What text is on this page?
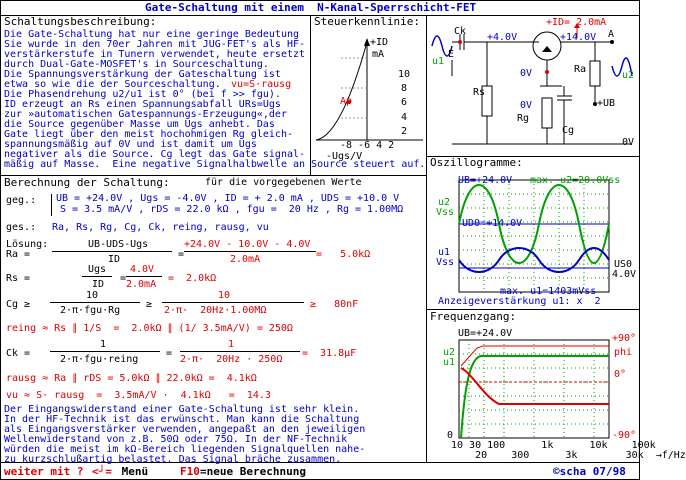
Gate-Schaltung mit einem  N-Kanal-Sperrschicht-FET
Schaltungsbeschreibung:
Die Gate-Schaltung hat nur eine geringe Bedeutung
Sie wurde in den 70er Jahren mit JUG-FET's als HF-
verstärkerstufe in Tunern verwendet, heute ersetzt
durch Dual-Gate-MOSFET's in Sourceschaltung.
Die Spannungsverstärkung der Gateschaltung ist
etwa so wie die der Sourceschaltung. vu=S·rausg
Die Phasendrehung u2/u1 ist 0° (bei f >> fgu).
ID erzeugt an Rs einen Spannungsabfall URs=Ugs
zur »automatischen Gatespannungs-Erzeugung«,der
die Source gegenüber Masse um Ugs anhebt. Das
Gate liegt über den meist hochohmigen Rg gleich-
spannungsmäßig auf 0V und ist damit um Ugs
negativer als die Source. Cg legt das Gate signal-
mäßig auf Masse.  Eine negative Signalhalbwelle an Source steuert auf.
Steuerkennlinie:
+ID
mA
10
8
6
4
2
Ap
-8 -6 4 2
-Ugs/V
+ID= 2.0mA
Ck
+4.0V	+14.0V A
E
u1
u2
Ra
0V
Rs
+UB
0V
Rg
Cg
0V
Oszillogramme:
UB=+24.0V max. u2=20.0Vss
u2
Vss
UD0=+14.0V
u1
Vss	US0
4.0V
max. u1=1403mVss
Anzeigeverstärkung u1: x  2
Frequenzgang:
UB=+24.0V	+90°
u2	phi
u1
0°
0	-90°
10 30 100      1k      10k    100k
20    300      3k        30k  →f/Hz
Berechnung der Schaltung:	für die vorgegebenen Werte
geg.: UB = +24.0V , Ugs = -4.0V , ID = + 2.0 mA , UDS = +10.0 V
S = 3.5 mA/V , rDS = 22.0 kΩ , fgu =  20 Hz , Rg = 1.00MΩ
ges.: Ra, Rs, Rg, Cg, Ck, reing, rausg, vu
Lösung:
Ra =
UB-UDS-Ugs
ID	=
+24.0V - 10.0V - 4.0V
2.0mA	=   5.0kΩ
Rs =
Ugs
ID
=
4.0V
2.0mA
=  2.0kΩ
Cg ≥
10
2·π·fgu·Rg
≥
10
2·π·  20Hz·1.00MΩ
≥   80nF
reing ≈ Rs ∥ 1/S  =  2.0kΩ ∥ (1/ 3.5mA/V) = 250Ω
Ck =
1
2·π·fgu·reing
=
1
2·π·  20Hz · 250Ω
=  31.8µF
rausg ≈ Ra ∥ rDS = 5.0kΩ ∥ 22.0kΩ =  4.1kΩ
vu ≈ S· rausg  =  3.5mA/V ·  4.1kΩ   =  14.3
Der Eingangswiderstand einer Gate-Schaltung ist sehr klein.
In der HF-Technik ist das erwünscht. Man kann die Schaltung
als Eingangsverstärker verwenden, angepaßt an den jeweiligen
Wellenwiderstand von z.B. 50Ω oder 75Ω. In der NF-Technik
würden die meist im kΩ-Bereich liegenden Signalquellen nahe-
zu kurzschlußartig belastet. Das Signal bräche zusammen.
weiter mit ? <┘= Menü	F10 =neue Berechnung	©scha 07/98
